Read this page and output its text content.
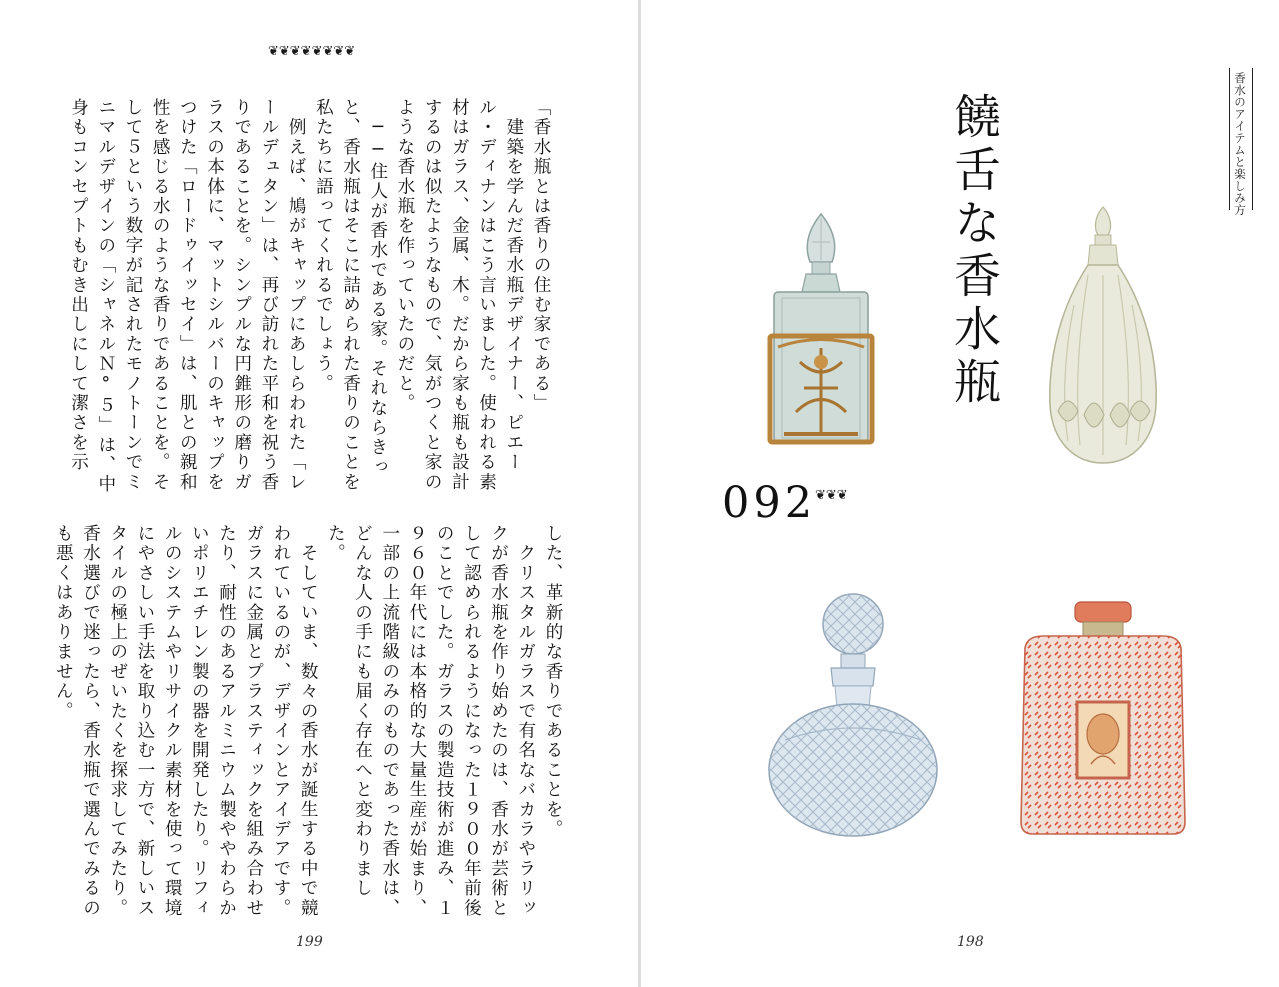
❦❦❦❦❦❦❦❦
「香水瓶とは香りの住む家である」
　建築を学んだ香水瓶デザイナー、ピエール・ディナンはこう言いました。使われる素材はガラス、金属、木。だから家も瓶も設計するのは似たようなもので、気がつくと家のような香水瓶を作っていたのだと。
　──住人が香水である家。それならきっと、香水瓶はそこに詰められた香りのことを私たちに語ってくれるでしょう。
　例えば、鳩がキャップにあしらわれた「レールデュタン」は、再び訪れた平和を祝う香りであることを。シンプルな円錐形の磨りガラスの本体に、マットシルバーのキャップをつけた「ロードゥイッセイ」は、肌との親和性を感じる水のような香りであることを。そして５という数字が記されたモノトーンでミニマルデザインの「シャネルＮ°５」は、中身もコンセプトもむき出しにして潔さを示
した、革新的な香りであることを。
　クリスタルガラスで有名なバカラやラリックが香水瓶を作り始めたのは、香水が芸術として認められるようになった１９００年前後のことでした。ガラスの製造技術が進み、１９６０年代には本格的な大量生産が始まり、一部の上流階級のみのものであった香水は、どんな人の手にも届く存在へと変わりました。
　そしていま、数々の香水が誕生する中で競われているのが、デザインとアイデアです。ガラスに金属とプラスティックを組み合わせたり、耐性のあるアルミニウム製ややわらかいポリエチレン製の器を開発したり。リフィルのシステムやリサイクル素材を使って環境にやさしい手法を取り込む一方で、新しいスタイルの極上のぜいたくを探求してみたり。香水選びで迷ったら、香水瓶で選んでみるのも悪くはありません。
199
香水のアイテムと楽しみ方
饒舌な香水瓶
092
❦❦❦
198
